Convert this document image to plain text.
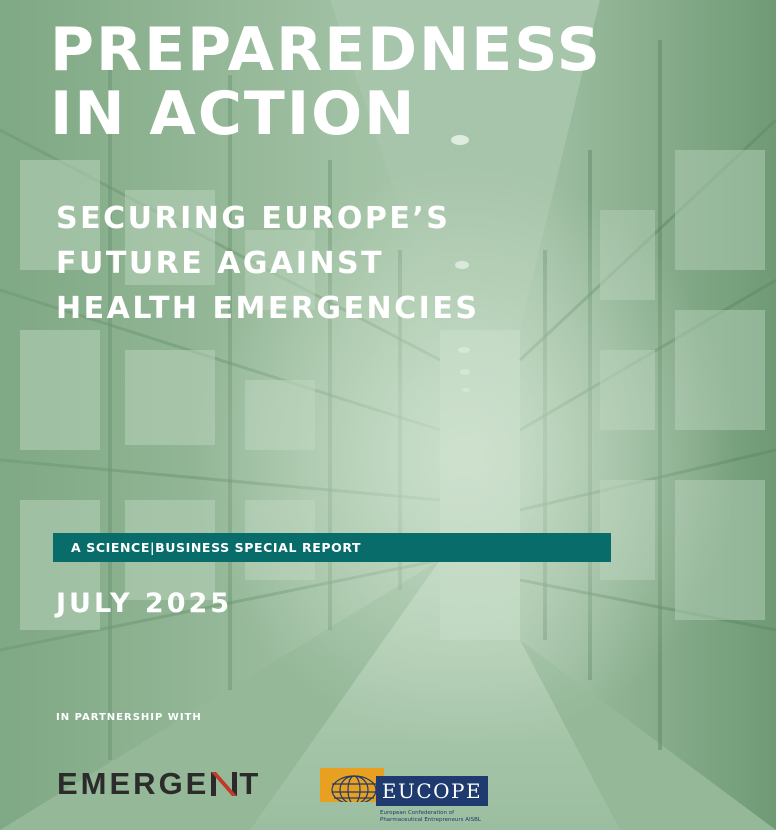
PREPAREDNESS
IN ACTION
SECURING EUROPE’S
FUTURE AGAINST
HEALTH EMERGENCIES
A SCIENCE|BUSINESS SPECIAL REPORT

JULY 2025

IN PARTNERSHIP WITH
EMERGE T	EUCOPE
European Confederation of
Pharmaceutical Entrepreneurs AISBL
